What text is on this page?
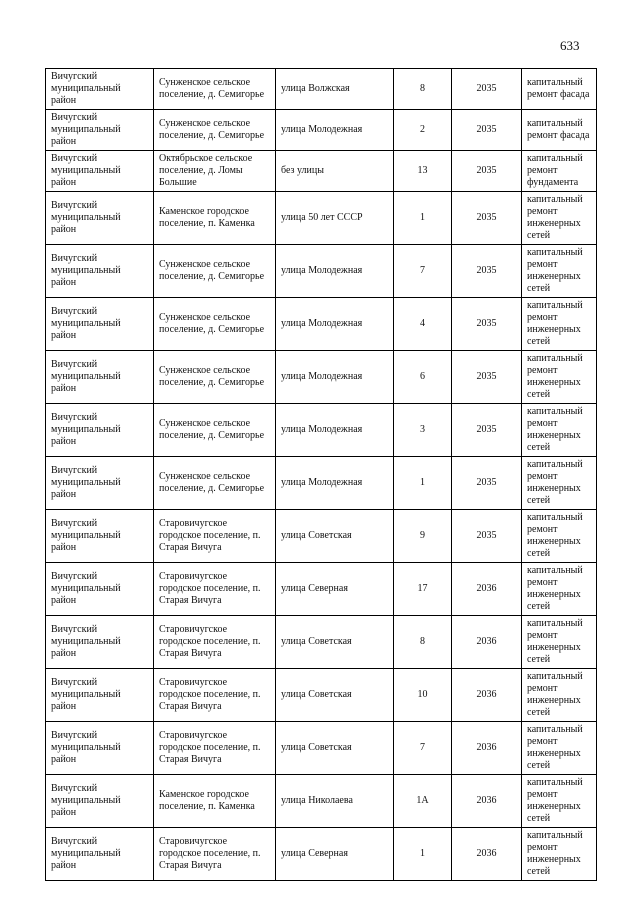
633
Вичугский муниципальный район	Сунженское сельское поселение, д. Семигорье	улица Волжская	8	2035	капитальный ремонт фасада
Вичугский муниципальный район	Сунженское сельское поселение, д. Семигорье	улица Молодежная	2	2035	капитальный ремонт фасада
Вичугский муниципальный район	Октябрьское сельское поселение, д. Ломы Большие	без улицы	13	2035	капитальный ремонт фундамента
Вичугский муниципальный район	Каменское городское поселение, п. Каменка	улица 50 лет СССР	1	2035	капитальный ремонт инженерных сетей
Вичугский муниципальный район	Сунженское сельское поселение, д. Семигорье	улица Молодежная	7	2035	капитальный ремонт инженерных сетей
Вичугский муниципальный район	Сунженское сельское поселение, д. Семигорье	улица Молодежная	4	2035	капитальный ремонт инженерных сетей
Вичугский муниципальный район	Сунженское сельское поселение, д. Семигорье	улица Молодежная	6	2035	капитальный ремонт инженерных сетей
Вичугский муниципальный район	Сунженское сельское поселение, д. Семигорье	улица Молодежная	3	2035	капитальный ремонт инженерных сетей
Вичугский муниципальный район	Сунженское сельское поселение, д. Семигорье	улица Молодежная	1	2035	капитальный ремонт инженерных сетей
Вичугский муниципальный район	Старовичугское городское поселение, п. Старая Вичуга	улица Советская	9	2035	капитальный ремонт инженерных сетей
Вичугский муниципальный район	Старовичугское городское поселение, п. Старая Вичуга	улица Северная	17	2036	капитальный ремонт инженерных сетей
Вичугский муниципальный район	Старовичугское городское поселение, п. Старая Вичуга	улица Советская	8	2036	капитальный ремонт инженерных сетей
Вичугский муниципальный район	Старовичугское городское поселение, п. Старая Вичуга	улица Советская	10	2036	капитальный ремонт инженерных сетей
Вичугский муниципальный район	Старовичугское городское поселение, п. Старая Вичуга	улица Советская	7	2036	капитальный ремонт инженерных сетей
Вичугский муниципальный район	Каменское городское поселение, п. Каменка	улица Николаева	1А	2036	капитальный ремонт инженерных сетей
Вичугский муниципальный район	Старовичугское городское поселение, п. Старая Вичуга	улица Северная	1	2036	капитальный ремонт инженерных сетей
